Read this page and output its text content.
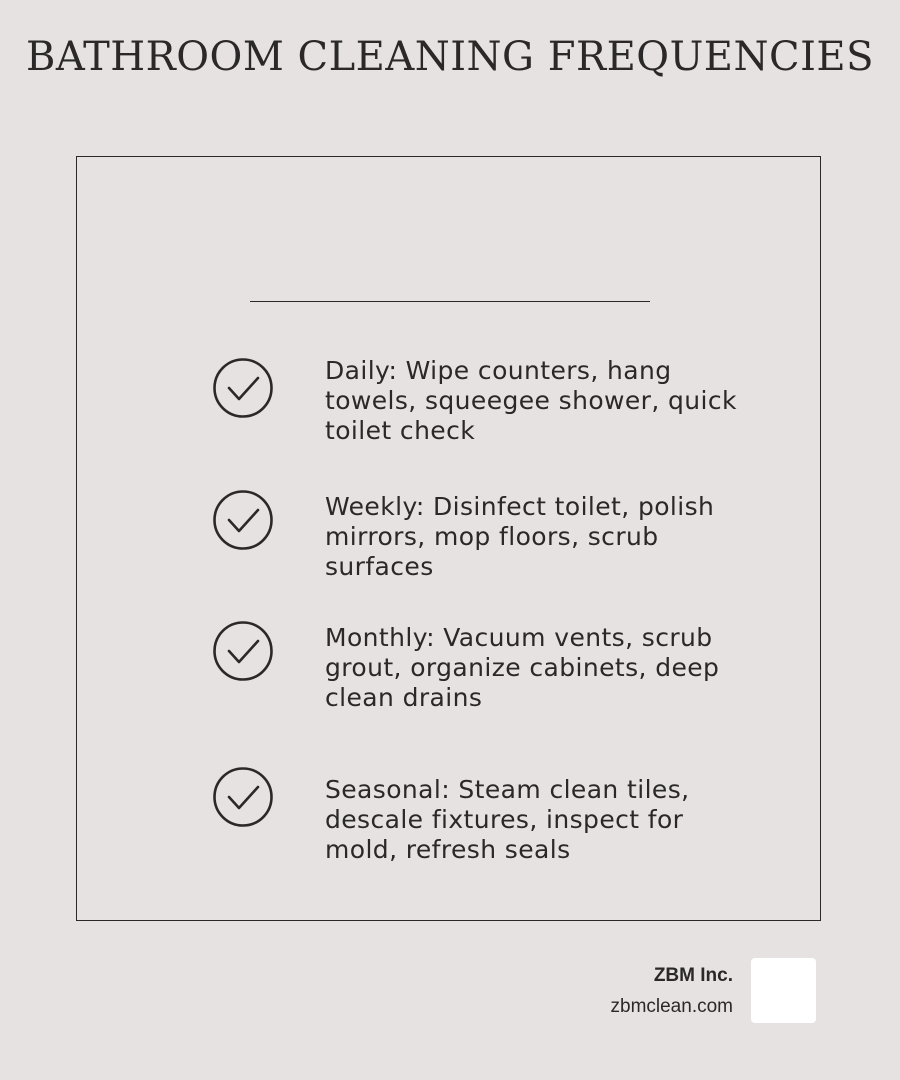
BATHROOM CLEANING FREQUENCIES
Daily: Wipe counters, hang towels, squeegee shower, quick toilet check
Weekly: Disinfect toilet, polish mirrors, mop floors, scrub surfaces
Monthly: Vacuum vents, scrub grout, organize cabinets, deep clean drains
Seasonal: Steam clean tiles, descale fixtures, inspect for mold, refresh seals
ZBM Inc.
zbmclean.com
